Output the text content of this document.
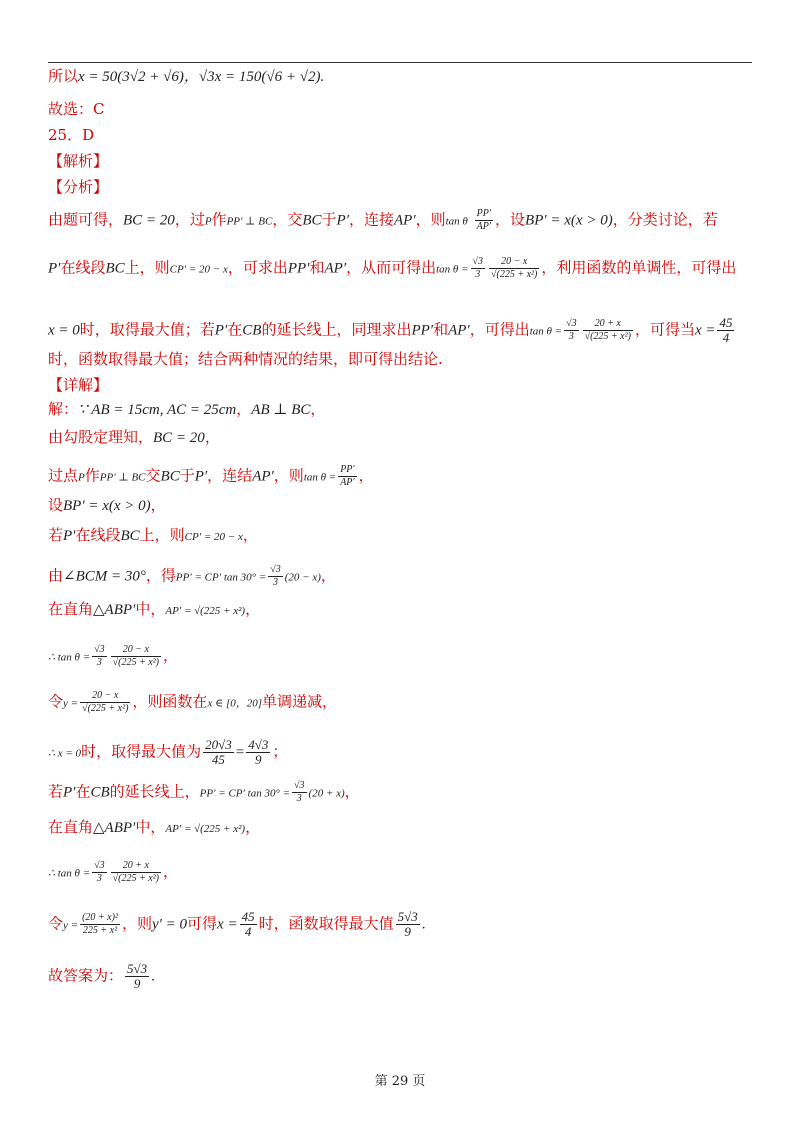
所以x = 50(3√2 + √6)，√3x = 150(√6 + √2).
故选：C
25．D
【解析】
【分析】
由题可得，BC = 20，过P作PP′ ⊥ BC，交BC于P′，连接AP′，则tan θ $\frac{PP'}{AP'}$ ，设BP′ = x(x > 0)，分类讨论，若
P′在线段BC上，则CP′ = 20 − x，可求出PP′和AP′，从而可得出$\tan \theta = \frac{√3}{3} \frac{20 - x}{\text{√(225 + x²)}}$ ，利用函数的单调性，可得出
x = 0时，取得最大值；若P′在CB的延长线上，同理求出PP′和AP′，可得出$\tan \theta = \frac{√3}{3} \frac{20 + x}{\text{√(225 + x²)}}$ ，可得当$x = \frac{45}{4}$
时，函数取得最大值；结合两种情况的结果，即可得出结论.
【详解】
解：∵ AB = 15cm, AC = 25cm，AB ⊥ BC，
由勾股定理知，BC = 20，
过点P作PP′ ⊥ BC交BC于P′，连结AP′，则$\tan \theta = \frac{PP'}{AP'}$ ，
设BP′ = x(x > 0)，
若P′在线段BC上，则CP′ = 20 − x，
由∠BCM = 30°，得PP′ = CP′ $\tan 30^\circ = \frac{√3}{3} (20 - x)$，
在直角△ABP′中，AP′ = √(225 + x²)，
∴ $\tan \theta = \frac{√3}{3} \frac{20 - x}{\text{√(225 + x²)}}$ ，
令$y = \frac{20 - x}{\text{√(225 + x²)}}$ ，则函数在x ∈ [0，20]单调递减，
∴ x = 0时，取得最大值为 $\frac{20√3}{45} = \frac{4√3}{9}$ ；
若P′在CB的延长线上，PP′ = CP′ $\tan 30^\circ = \frac{√3}{3} (20 + x)$，
在直角△ABP′中，AP′ = √(225 + x²)，
∴ $\tan \theta = \frac{√3}{3} \frac{20 + x}{\text{√(225 + x²)}}$ ，
令$y = \frac{\text{(20 + x)²}}{\text{225 + x²}}$ ，则y′ = 0可得$x = \frac{45}{4}$ 时，函数取得最大值 $\frac{5√3}{9}$ .
故答案为： $\frac{5√3}{9}$ .
第 29 页
